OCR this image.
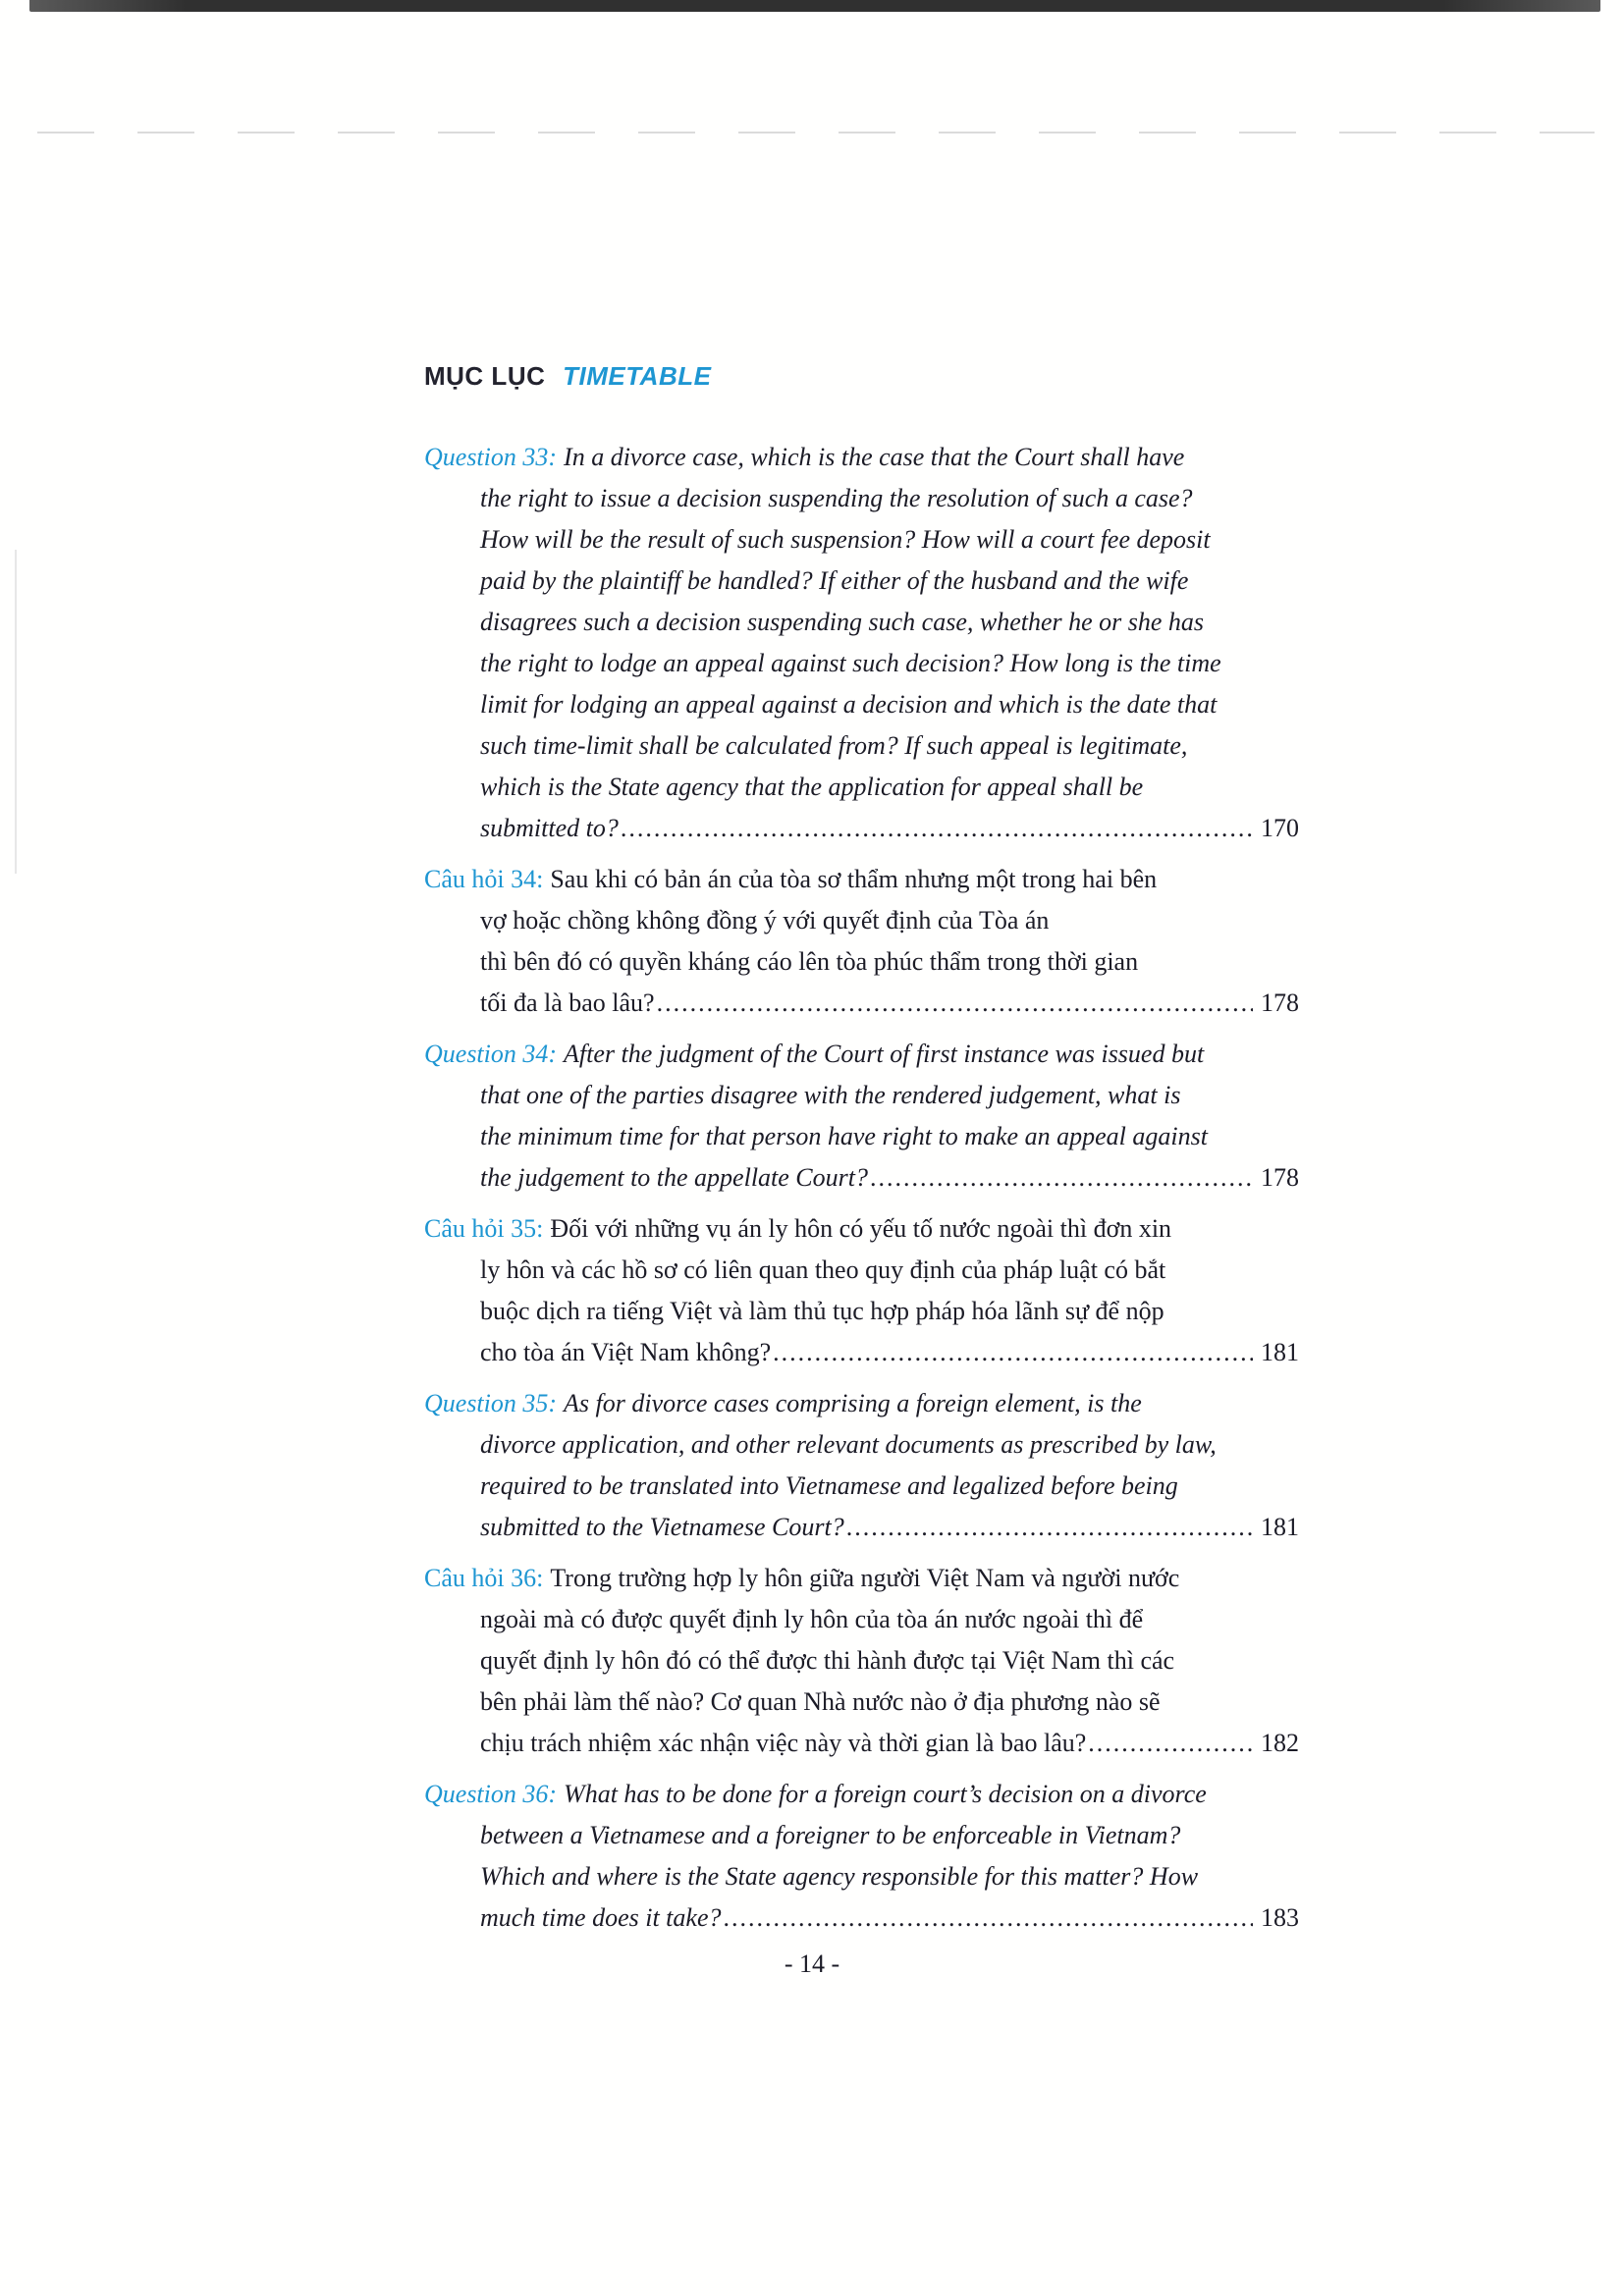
MỤC LỤC TIMETABLE
Question 33: In a divorce case, which is the case that the Court shall have
the right to issue a decision suspending the resolution of such a case?
How will be the result of such suspension? How will a court fee deposit
paid by the plaintiff be handled? If either of the husband and the wife
disagrees such a decision suspending such case, whether he or she has
the right to lodge an appeal against such decision? How long is the time
limit for lodging an appeal against a decision and which is the date that
such time-limit shall be calculated from? If such appeal is legitimate,
which is the State agency that the application for appeal shall be
submitted to? .....	170
Câu hỏi 34: Sau khi có bản án của tòa sơ thẩm nhưng một trong hai bên
vợ hoặc chồng không đồng ý với quyết định của Tòa án
thì bên đó có quyền kháng cáo lên tòa phúc thẩm trong thời gian
tối đa là bao lâu? .....	178
Question 34: After the judgment of the Court of first instance was issued but
that one of the parties disagree with the rendered judgement, what is
the minimum time for that person have right to make an appeal against
the judgement to the appellate Court? .....	178
Câu hỏi 35: Đối với những vụ án ly hôn có yếu tố nước ngoài thì đơn xin
ly hôn và các hồ sơ có liên quan theo quy định của pháp luật có bắt
buộc dịch ra tiếng Việt và làm thủ tục hợp pháp hóa lãnh sự để nộp
cho tòa án Việt Nam không? .....	181
Question 35: As for divorce cases comprising a foreign element, is the
divorce application, and other relevant documents as prescribed by law,
required to be translated into Vietnamese and legalized before being
submitted to the Vietnamese Court? .....	181
Câu hỏi 36: Trong trường hợp ly hôn giữa người Việt Nam và người nước
ngoài mà có được quyết định ly hôn của tòa án nước ngoài thì để
quyết định ly hôn đó có thể được thi hành được tại Việt Nam thì các
bên phải làm thế nào? Cơ quan Nhà nước nào ở địa phương nào sẽ
chịu trách nhiệm xác nhận việc này và thời gian là bao lâu? .....	182
Question 36: What has to be done for a foreign court’s decision on a divorce
between a Vietnamese and a foreigner to be enforceable in Vietnam?
Which and where is the State agency responsible for this matter? How
much time does it take? .....	183
- 14 -
